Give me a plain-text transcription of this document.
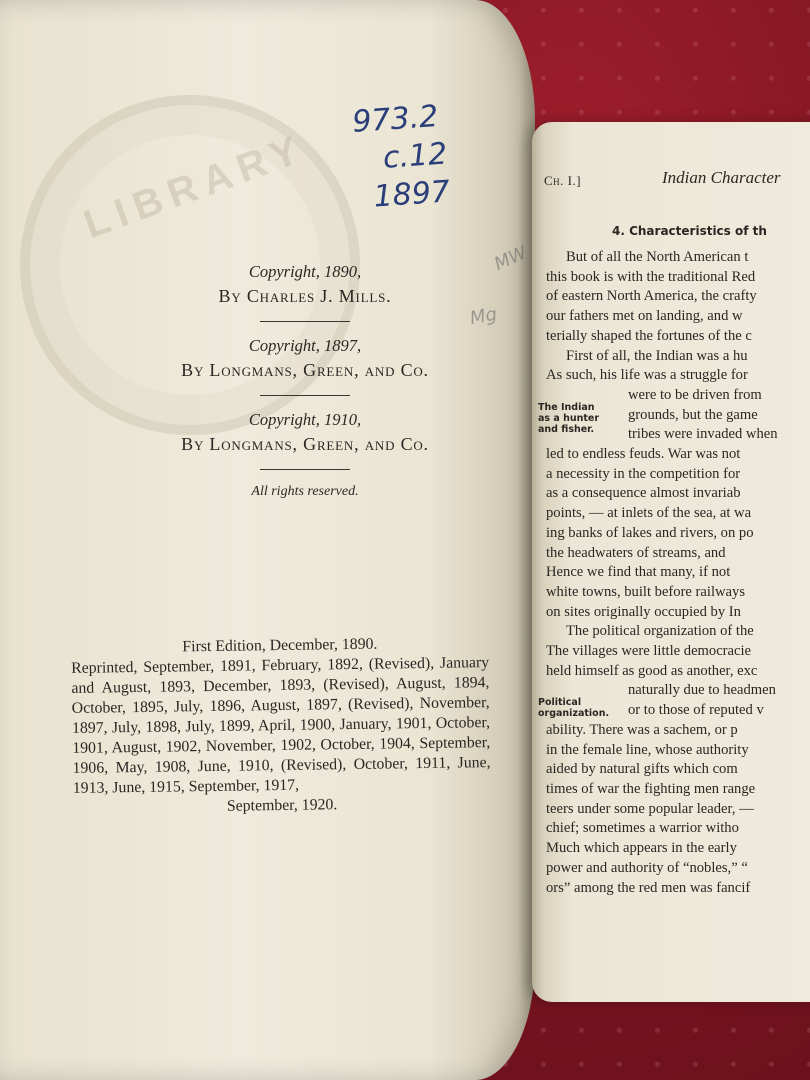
LIBRARY
973.2
c.12
1897
Copyright, 1890,
By Charles J. Mills.
Copyright, 1897,
By Longmans, Green, and Co.
Copyright, 1910,
By Longmans, Green, and Co.
All rights reserved.
First Edition, December, 1890.
Reprinted, September, 1891, February, 1892, (Revised), January and August, 1893, December, 1893, (Revised), August, 1894, October, 1895, July, 1896, August, 1897, (Revised), November, 1897, July, 1898, July, 1899, April, 1900, January, 1901, October, 1901, August, 1902, November, 1902, October, 1904, September, 1906, May, 1908, June, 1910, (Revised), October, 1911, June, 1913, June, 1915, September, 1917,
September, 1920.
MW
Mg
Ch. I.]	Indian Character
4. Characteristics of th
But of all the North American t
this book is with the traditional Red
of eastern North America, the crafty
our fathers met on landing, and w
terially shaped the fortunes of the c
First of all, the Indian was a hu
As such, his life was a struggle for
were to be driven from
grounds, but the game
tribes were invaded when
led to endless feuds. War was not
a necessity in the competition for
as a consequence almost invariab
points, — at inlets of the sea, at wa
ing banks of lakes and rivers, on po
the headwaters of streams, and
Hence we find that many, if not
white towns, built before railways
on sites originally occupied by In
The political organization of the
The villages were little democracie
held himself as good as another, exc
naturally due to headmen
or to those of reputed v
ability. There was a sachem, or p
in the female line, whose authority
aided by natural gifts which com
times of war the fighting men range
teers under some popular leader, —
chief; sometimes a warrior witho
Much which appears in the early
power and authority of “nobles,” “
ors” among the red men was fancif
The Indian as a hunter and fisher.
Political organization.
